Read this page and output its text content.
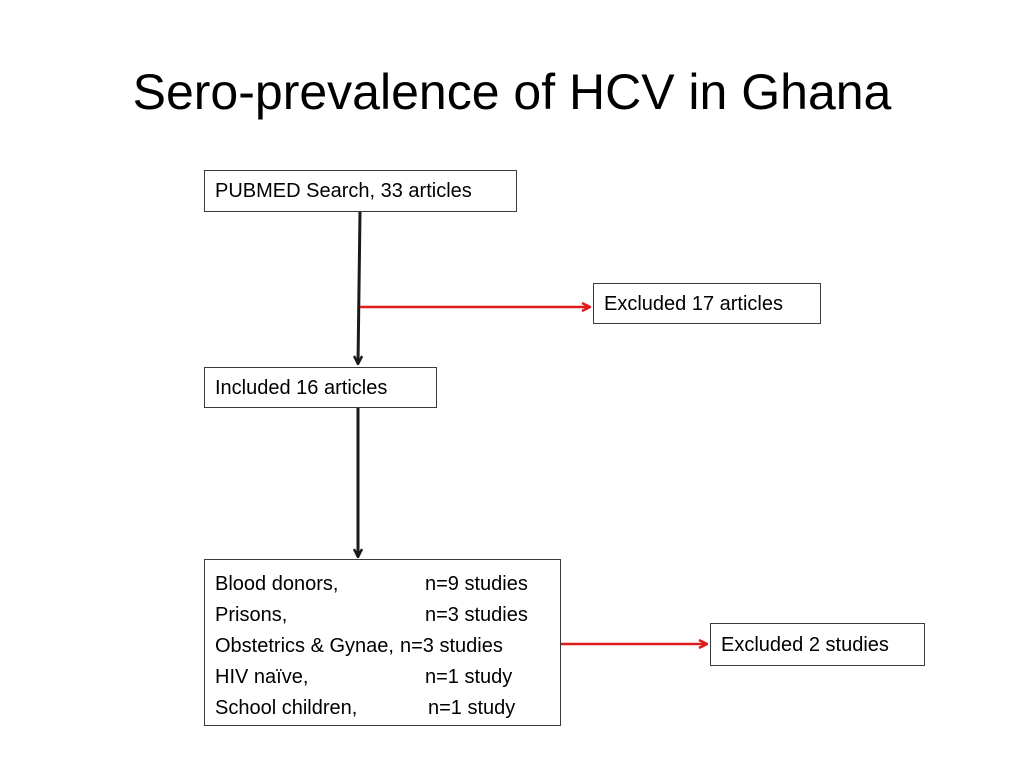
Sero-prevalence of HCV in Ghana
PUBMED Search, 33 articles
Excluded 17 articles
Included 16 articles
Blood donors,	n=9 studies
Prisons,	n=3 studies
Obstetrics & Gynae, n=3 studies
HIV naïve,	n=1 study
School children,	n=1 study
Excluded 2 studies
